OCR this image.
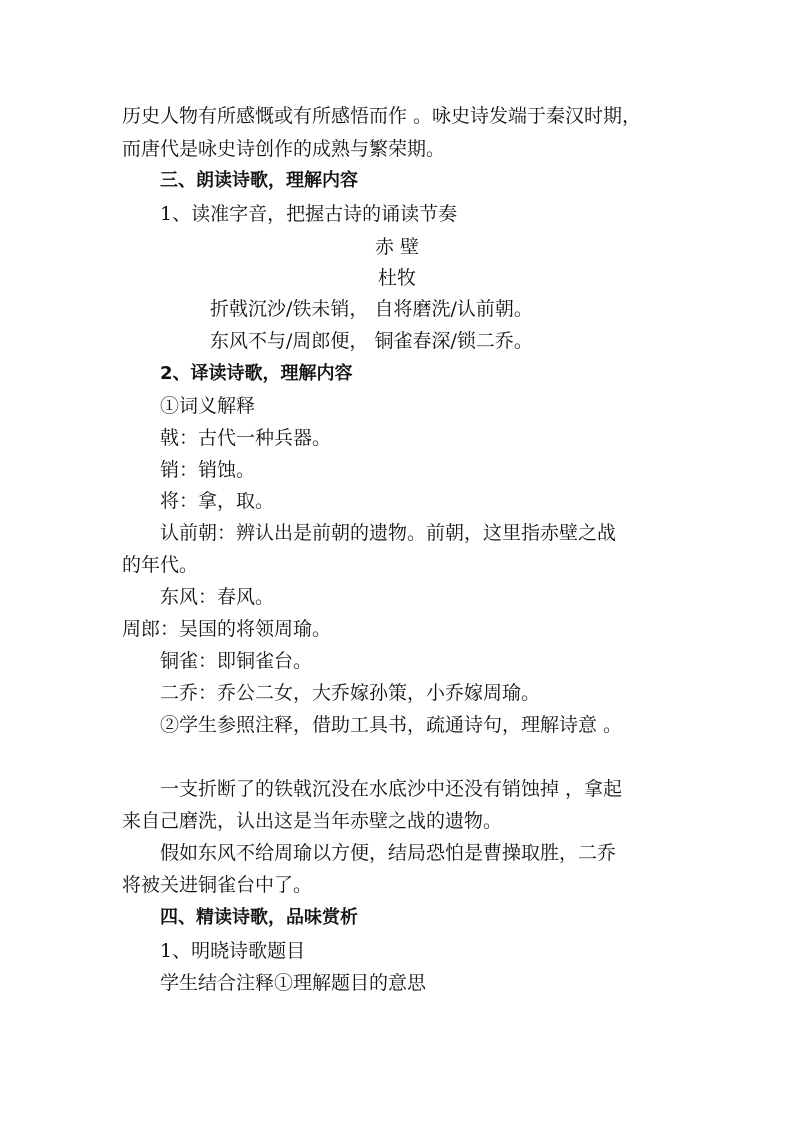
历史人物有所感慨或有所感悟而作 。咏史诗发端于秦汉时期，
而唐代是咏史诗创作的成熟与繁荣期。
三、朗读诗歌，理解内容
1、读准字音，把握古诗的诵读节奏
赤 壁
杜牧
折戟沉沙/铁未销， 自将磨洗/认前朝。
东风不与/周郎便， 铜雀春深/锁二乔。
2、译读诗歌，理解内容
①词义解释
戟：古代一种兵器。
销：销蚀。
将：拿，取。
认前朝：辨认出是前朝的遗物。前朝，这里指赤壁之战
的年代。
东风：春风。
周郎：吴国的将领周瑜。
铜雀：即铜雀台。
二乔：乔公二女，大乔嫁孙策，小乔嫁周瑜。
②学生参照注释，借助工具书，疏通诗句，理解诗意 。
一支折断了的铁戟沉没在水底沙中还没有销蚀掉 ，拿起
来自己磨洗，认出这是当年赤壁之战的遗物。
假如东风不给周瑜以方便，结局恐怕是曹操取胜，二乔
将被关进铜雀台中了。
四、精读诗歌，品味赏析
1、明晓诗歌题目
学生结合注释①理解题目的意思
